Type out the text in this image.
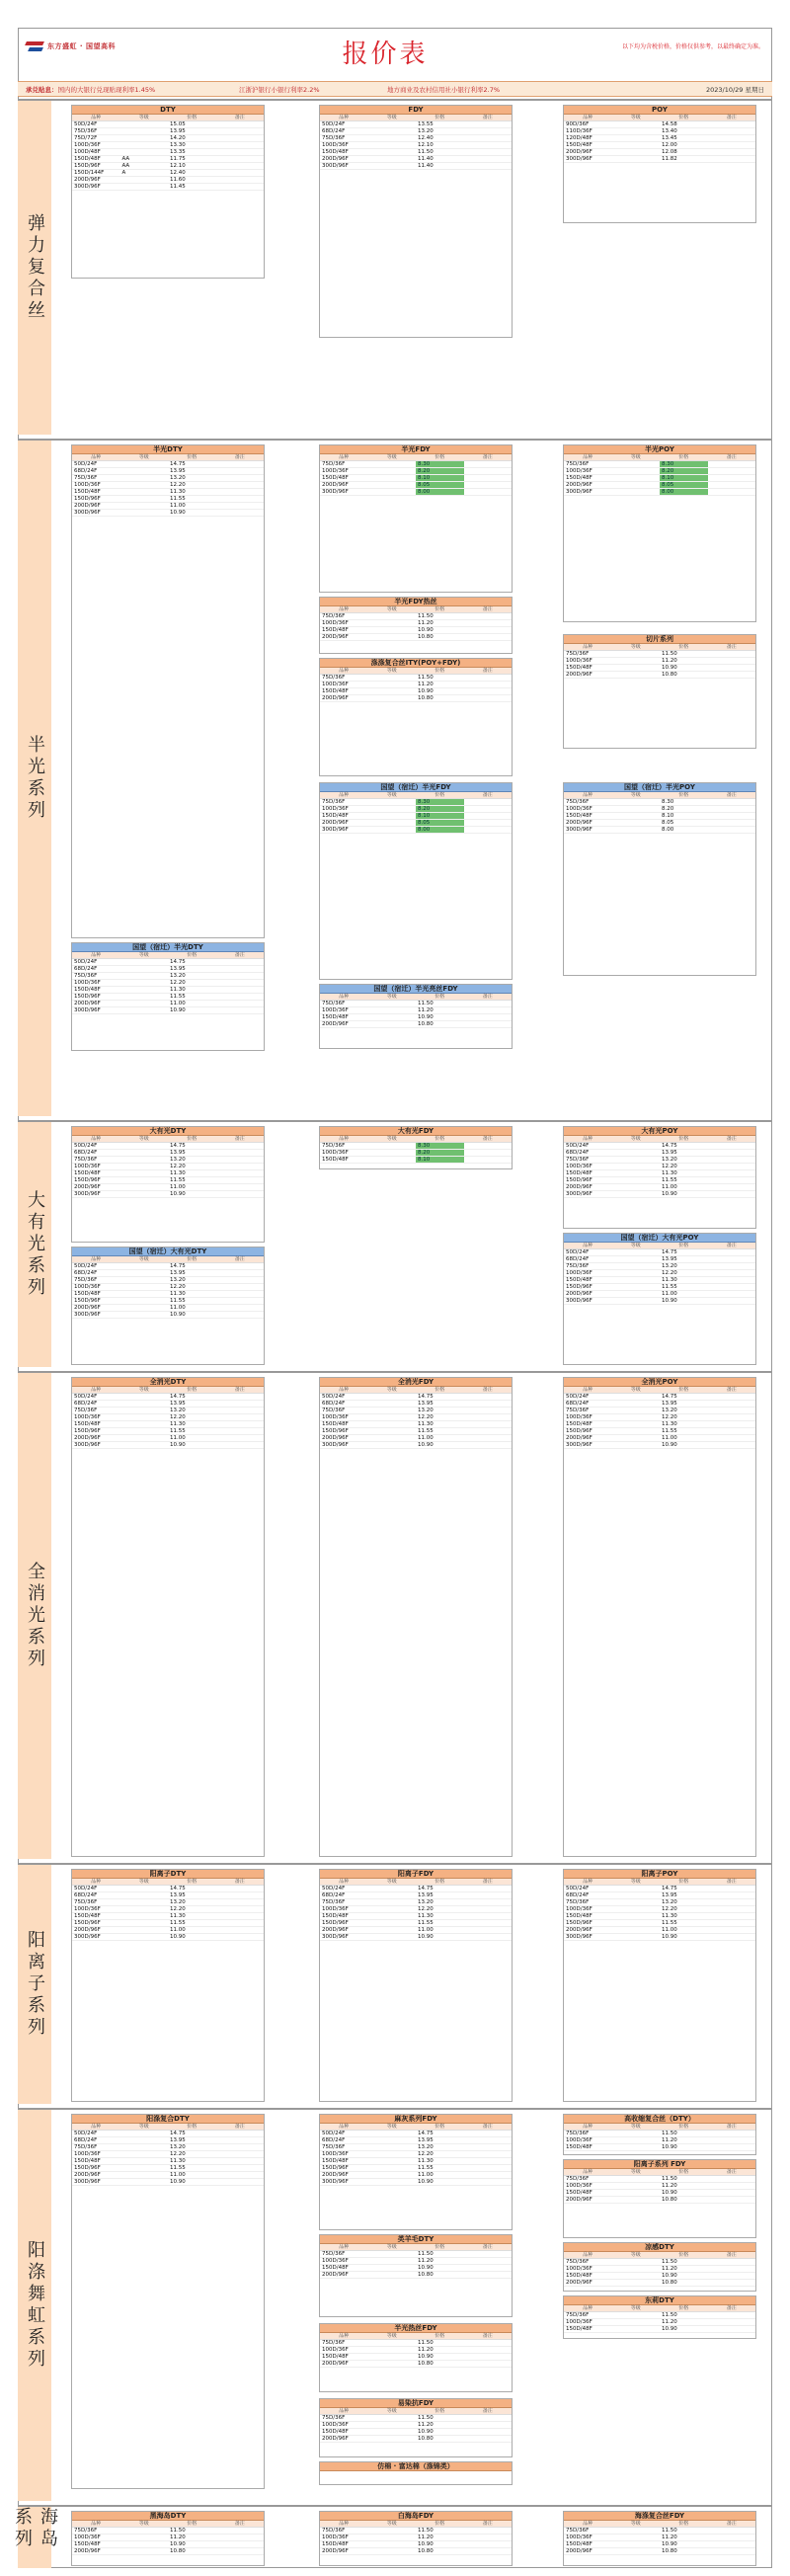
东方盛虹 · 国望高科	报价表	以下均为含税价格，价格仅供参考，以最终确定为准。
承兑贴息：国内的大银行兑现贴现利率1.45%	江浙沪银行小银行利率2.2%	地方商业及农村信用社小银行利率2.7%	2023/10/29 星期日
弹力复合丝
DTY
品种	等级	价格	备注
50D/24F	15.05
75D/36F	13.95
75D/72F	14.20
100D/36F	13.30
100D/48F	13.35
150D/48F	AA	11.75
150D/96F	AA	12.10
150D/144F	A	12.40
200D/96F	11.60
300D/96F	11.45
FDY
品种	等级	价格	备注
50D/24F	13.55
68D/24F	13.20
75D/36F	12.40
100D/36F	12.10
150D/48F	11.50
200D/96F	11.40
300D/96F	11.40
POY
品种	等级	价格	备注
90D/36F	14.58
110D/36F	13.40
120D/48F	13.45
150D/48F	12.00
200D/96F	12.08
300D/96F	11.82
半光系列
半光DTY
品种	等级	价格	备注
50D/24F	14.75
68D/24F	13.95
75D/36F	13.20
100D/36F	12.20
150D/48F	11.30
150D/96F	11.55
200D/96F	11.00
300D/96F	10.90
半光FDY
品种	等级	价格	备注
75D/36F	8.30
100D/36F	8.20
150D/48F	8.10
200D/96F	8.05
300D/96F	8.00
半光POY
品种	等级	价格	备注
75D/36F	8.30
100D/36F	8.20
150D/48F	8.10
200D/96F	8.05
300D/96F	8.00
半光FDY热丝
品种	等级	价格	备注
75D/36F	11.50
100D/36F	11.20
150D/48F	10.90
200D/96F	10.80
涤涤复合丝ITY(POY+FDY)
品种	等级	价格	备注
75D/36F	11.50
100D/36F	11.20
150D/48F	10.90
200D/96F	10.80
切片系列
品种	等级	价格	备注
75D/36F	11.50
100D/36F	11.20
150D/48F	10.90
200D/96F	10.80
国望（宿迁）半光FDY
品种	等级	价格	备注
75D/36F	8.30
100D/36F	8.20
150D/48F	8.10
200D/96F	8.05
300D/96F	8.00
国望（宿迁）半光POY
品种	等级	价格	备注
75D/36F	8.30
100D/36F	8.20
150D/48F	8.10
200D/96F	8.05
300D/96F	8.00
国望（宿迁）半光DTY
品种	等级	价格	备注
50D/24F	14.75
68D/24F	13.95
75D/36F	13.20
100D/36F	12.20
150D/48F	11.30
150D/96F	11.55
200D/96F	11.00
300D/96F	10.90
国望（宿迁）半光亮丝FDY
品种	等级	价格	备注
75D/36F	11.50
100D/36F	11.20
150D/48F	10.90
200D/96F	10.80
大有光系列
大有光DTY
品种	等级	价格	备注
50D/24F	14.75
68D/24F	13.95
75D/36F	13.20
100D/36F	12.20
150D/48F	11.30
150D/96F	11.55
200D/96F	11.00
300D/96F	10.90
大有光FDY
品种	等级	价格	备注
75D/36F	8.30
100D/36F	8.20
150D/48F	8.10
大有光POY
品种	等级	价格	备注
50D/24F	14.75
68D/24F	13.95
75D/36F	13.20
100D/36F	12.20
150D/48F	11.30
150D/96F	11.55
200D/96F	11.00
300D/96F	10.90
国望（宿迁）大有光POY
品种	等级	价格	备注
50D/24F	14.75
68D/24F	13.95
75D/36F	13.20
100D/36F	12.20
150D/48F	11.30
150D/96F	11.55
200D/96F	11.00
300D/96F	10.90
国望（宿迁）大有光DTY
品种	等级	价格	备注
50D/24F	14.75
68D/24F	13.95
75D/36F	13.20
100D/36F	12.20
150D/48F	11.30
150D/96F	11.55
200D/96F	11.00
300D/96F	10.90
全消光系列
全消光DTY
品种	等级	价格	备注
50D/24F	14.75
68D/24F	13.95
75D/36F	13.20
100D/36F	12.20
150D/48F	11.30
150D/96F	11.55
200D/96F	11.00
300D/96F	10.90
全消光FDY
品种	等级	价格	备注
50D/24F	14.75
68D/24F	13.95
75D/36F	13.20
100D/36F	12.20
150D/48F	11.30
150D/96F	11.55
200D/96F	11.00
300D/96F	10.90
全消光POY
品种	等级	价格	备注
50D/24F	14.75
68D/24F	13.95
75D/36F	13.20
100D/36F	12.20
150D/48F	11.30
150D/96F	11.55
200D/96F	11.00
300D/96F	10.90
阳离子系列
阳离子DTY
品种	等级	价格	备注
50D/24F	14.75
68D/24F	13.95
75D/36F	13.20
100D/36F	12.20
150D/48F	11.30
150D/96F	11.55
200D/96F	11.00
300D/96F	10.90
阳离子FDY
品种	等级	价格	备注
50D/24F	14.75
68D/24F	13.95
75D/36F	13.20
100D/36F	12.20
150D/48F	11.30
150D/96F	11.55
200D/96F	11.00
300D/96F	10.90
阳离子POY
品种	等级	价格	备注
50D/24F	14.75
68D/24F	13.95
75D/36F	13.20
100D/36F	12.20
150D/48F	11.30
150D/96F	11.55
200D/96F	11.00
300D/96F	10.90
阳涤舞虹系列
阳涤复合DTY
品种	等级	价格	备注
50D/24F	14.75
68D/24F	13.95
75D/36F	13.20
100D/36F	12.20
150D/48F	11.30
150D/96F	11.55
200D/96F	11.00
300D/96F	10.90
麻灰系列FDY
品种	等级	价格	备注
50D/24F	14.75
68D/24F	13.95
75D/36F	13.20
100D/36F	12.20
150D/48F	11.30
150D/96F	11.55
200D/96F	11.00
300D/96F	10.90
类羊毛DTY
品种	等级	价格	备注
75D/36F	11.50
100D/36F	11.20
150D/48F	10.90
200D/96F	10.80
半光热丝FDY
品种	等级	价格	备注
75D/36F	11.50
100D/36F	11.20
150D/48F	10.90
200D/96F	10.80
易染抗FDY
品种	等级	价格	备注
75D/36F	11.50
100D/36F	11.20
150D/48F	10.90
200D/96F	10.80
仿棉 · 富达棉（涤锦类）
高收缩复合丝（DTY）
品种	等级	价格	备注
75D/36F	11.50
100D/36F	11.20
150D/48F	10.90
阳离子系列 FDY
品种	等级	价格	备注
75D/36F	11.50
100D/36F	11.20
150D/48F	10.90
200D/96F	10.80
凉感DTY
品种	等级	价格	备注
75D/36F	11.50
100D/36F	11.20
150D/48F	10.90
200D/96F	10.80
东莉DTY
品种	等级	价格	备注
75D/36F	11.50
100D/36F	11.20
150D/48F	10.90
海岛系列	黑海岛DTY
品种	等级	价格	备注
75D/36F	11.50
100D/36F	11.20
150D/48F	10.90
200D/96F	10.80
白海岛FDY
品种	等级	价格	备注
75D/36F	11.50
100D/36F	11.20
150D/48F	10.90
200D/96F	10.80
海涤复合丝FDY
品种	等级	价格	备注
75D/36F	11.50
100D/36F	11.20
150D/48F	10.90
200D/96F	10.80
